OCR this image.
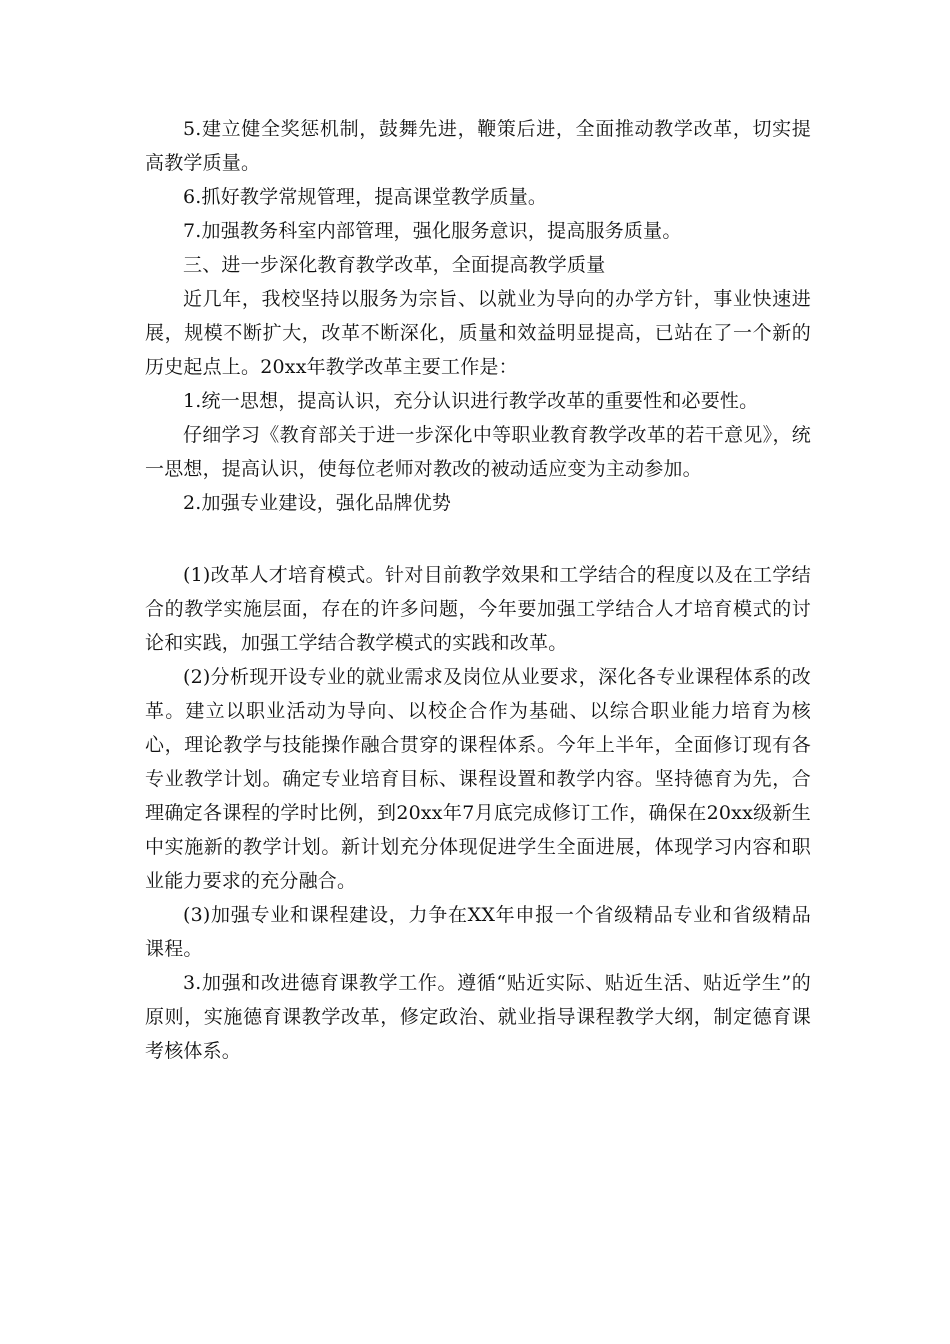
5.建立健全奖惩机制，鼓舞先进，鞭策后进，全面推动教学改革，切实提高教学质量。

6.抓好教学常规管理，提高课堂教学质量。

7.加强教务科室内部管理，强化服务意识，提高服务质量。

三、进一步深化教育教学改革，全面提高教学质量

近几年，我校坚持以服务为宗旨、以就业为导向的办学方针，事业快速进展，规模不断扩大，改革不断深化，质量和效益明显提高，已站在了一个新的历史起点上。20xx年教学改革主要工作是：

1.统一思想，提高认识，充分认识进行教学改革的重要性和必要性。

仔细学习《教育部关于进一步深化中等职业教育教学改革的若干意见》，统一思想，提高认识，使每位老师对教改的被动适应变为主动参加。

2.加强专业建设，强化品牌优势

(1)改革人才培育模式。针对目前教学效果和工学结合的程度以及在工学结合的教学实施层面，存在的许多问题，今年要加强工学结合人才培育模式的讨论和实践，加强工学结合教学模式的实践和改革。

(2)分析现开设专业的就业需求及岗位从业要求，深化各专业课程体系的改革。建立以职业活动为导向、以校企合作为基础、以综合职业能力培育为核心，理论教学与技能操作融合贯穿的课程体系。今年上半年，全面修订现有各专业教学计划。确定专业培育目标、课程设置和教学内容。坚持德育为先，合理确定各课程的学时比例，到20xx年7月底完成修订工作，确保在20xx级新生中实施新的教学计划。新计划充分体现促进学生全面进展，体现学习内容和职业能力要求的充分融合。

(3)加强专业和课程建设，力争在XX年申报一个省级精品专业和省级精品课程。

3.加强和改进德育课教学工作。遵循“贴近实际、贴近生活、贴近学生”的原则，实施德育课教学改革，修定政治、就业指导课程教学大纲，制定德育课考核体系。
